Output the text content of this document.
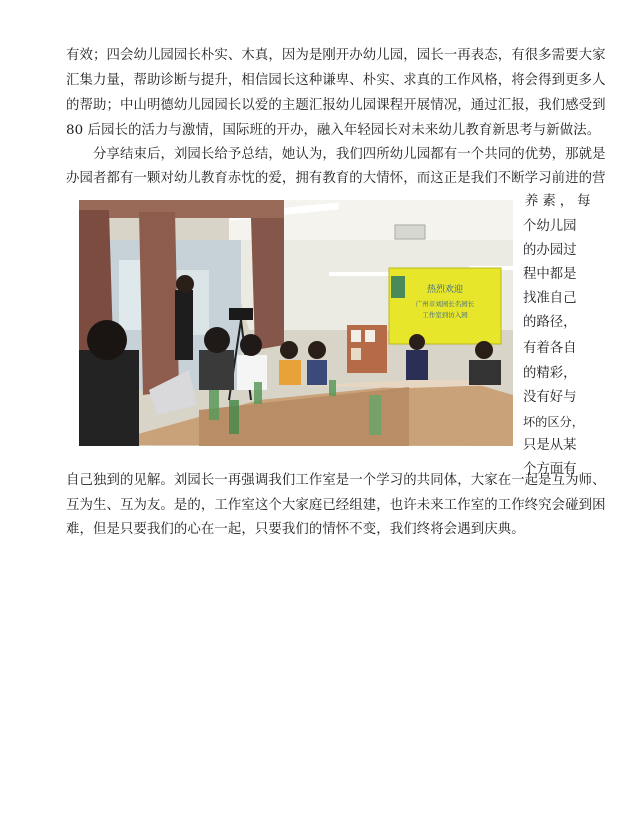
有效；四会幼儿园园长朴实、木真，因为是刚开办幼儿园，园长一再表态，有很多需要大家
汇集力量，帮助诊断与提升，相信园长这种谦卑、朴实、求真的工作风格，将会得到更多人
的帮助；中山明德幼儿园园长以爱的主题汇报幼儿园课程开展情况，通过汇报，我们感受到
80 后园长的活力与激情，国际班的开办，融入年轻园长对未来幼儿教育新思考与新做法。
分享结束后，刘园长给予总结，她认为，我们四所幼儿园都有一个共同的优势，那就是
办园者都有一颗对幼儿教育赤忱的爱，拥有教育的大情怀，而这正是我们不断学习前进的营
养素，每
个幼儿园
的办园过
程中都是
找准自己
的路径，
有着各自
的精彩，
没有好与
坏的区分，
只是从某
个方面有
热烈欢迎
广州市刘园长名园长
工作室到访入园
自己独到的见解。刘园长一再强调我们工作室是一个学习的共同体，大家在一起是互为师、
互为生、互为友。是的，工作室这个大家庭已经组建，也许未来工作室的工作终究会碰到困
难，但是只要我们的心在一起，只要我们的情怀不变，我们终将会遇到庆典。
